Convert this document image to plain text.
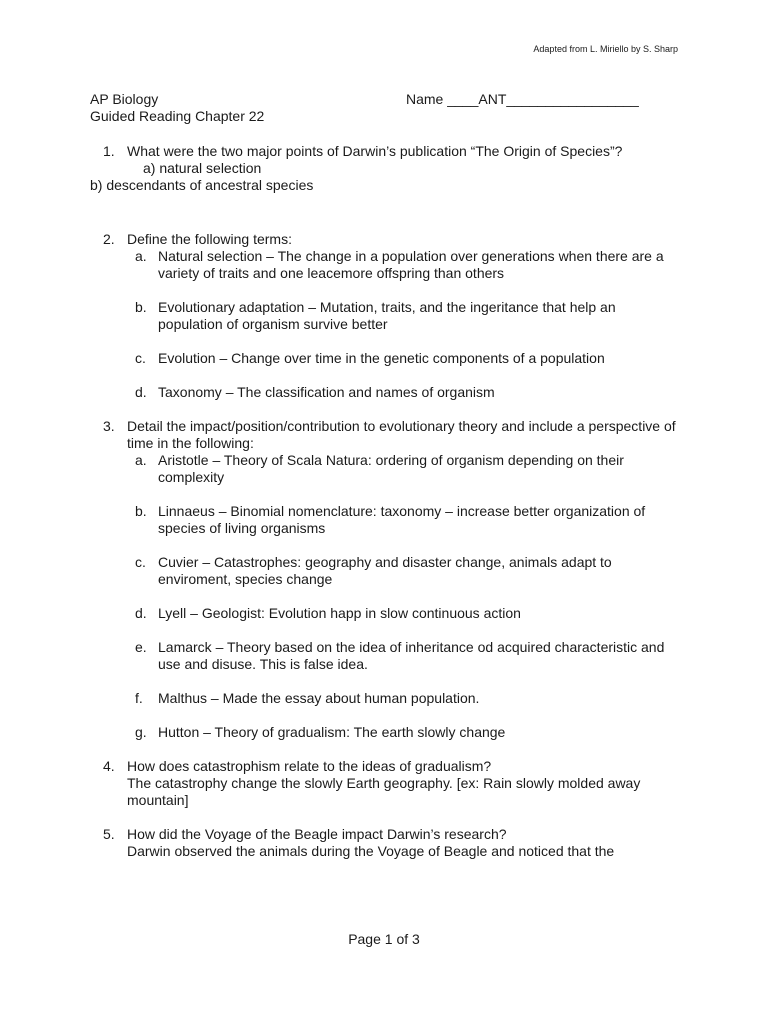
Adapted from L. Miriello by S. Sharp
AP Biology
Guided Reading Chapter 22
Name ____ANT_________________
1. What were the two major points of Darwin’s publication “The Origin of Species”?
a) natural selection
b) descendants of ancestral species
2. Define the following terms:
a. Natural selection – The change in a population over generations when there are a variety of traits and one leacemore offspring than others
b. Evolutionary adaptation – Mutation, traits, and the ingeritance that help an population of organism survive better
c. Evolution – Change over time in the genetic components of a population
d. Taxonomy – The classification and names of organism
3. Detail the impact/position/contribution to evolutionary theory and include a perspective of time in the following:
a. Aristotle – Theory of Scala Natura: ordering of organism depending on their complexity
b. Linnaeus – Binomial nomenclature: taxonomy – increase better organization of species of living organisms
c. Cuvier – Catastrophes: geography and disaster change, animals adapt to enviroment, species change
d. Lyell – Geologist: Evolution happ in slow continuous action
e. Lamarck – Theory based on the idea of inheritance od acquired characteristic and use and disuse. This is false idea.
f. Malthus – Made the essay about human population.
g. Hutton – Theory of gradualism: The earth slowly change
4. How does catastrophism relate to the ideas of gradualism?
The catastrophy change the slowly Earth geography. [ex: Rain slowly molded away mountain]
5. How did the Voyage of the Beagle impact Darwin’s research?
Darwin observed the animals during the Voyage of Beagle and noticed that the
Page 1 of 3
